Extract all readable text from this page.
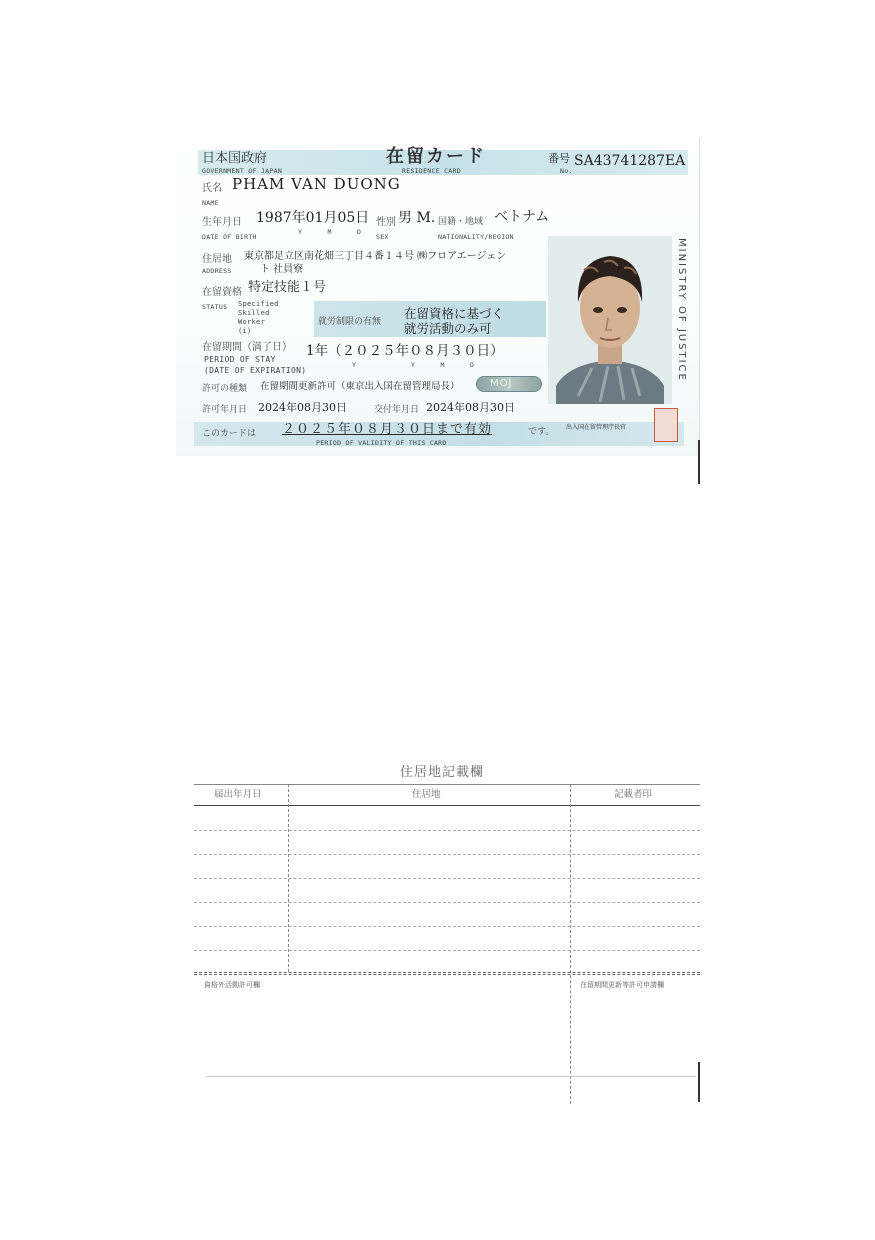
日本国政府
GOVERNMENT OF JAPAN
在留カード
RESIDENCE CARD
番号
No.
SA43741287EA
氏名
NAME
PHAM VAN DUONG
生年月日
DATE OF BIRTH
1987年01月05日
Y      M      D
性別
SEX
男 M. 国籍・地域
NATIONALITY/REGION
ベトナム
住居地
ADDRESS
東京都足立区南花畑三丁目４番１４号 ㈱フロアエージェン
ト 社員寮
在留資格
STATUS
特定技能１号
Specified
Skilled
Worker
(i)
就労制限の有無
在留資格に基づく
就労活動のみ可
在留期間（満了日）
PERIOD OF STAY
(DATE OF EXPIRATION)
1年（２０２５年０８月３０日）
Y             Y      M      D
許可の種類 在留期間更新許可（東京出入国在留管理局長）	MOJ
許可年月日 2024年08月30日	交付年月日 2024年08月30日
このカードは ２０２５年０８月３０日まで有効	です。
PERIOD OF VALIDITY OF THIS CARD
出入国在留管理庁長官
MINISTRY OF JUSTICE
住居地記載欄
届出年月日	住居地	記載者印
資格外活動許可欄	在留期間更新等許可申請欄
